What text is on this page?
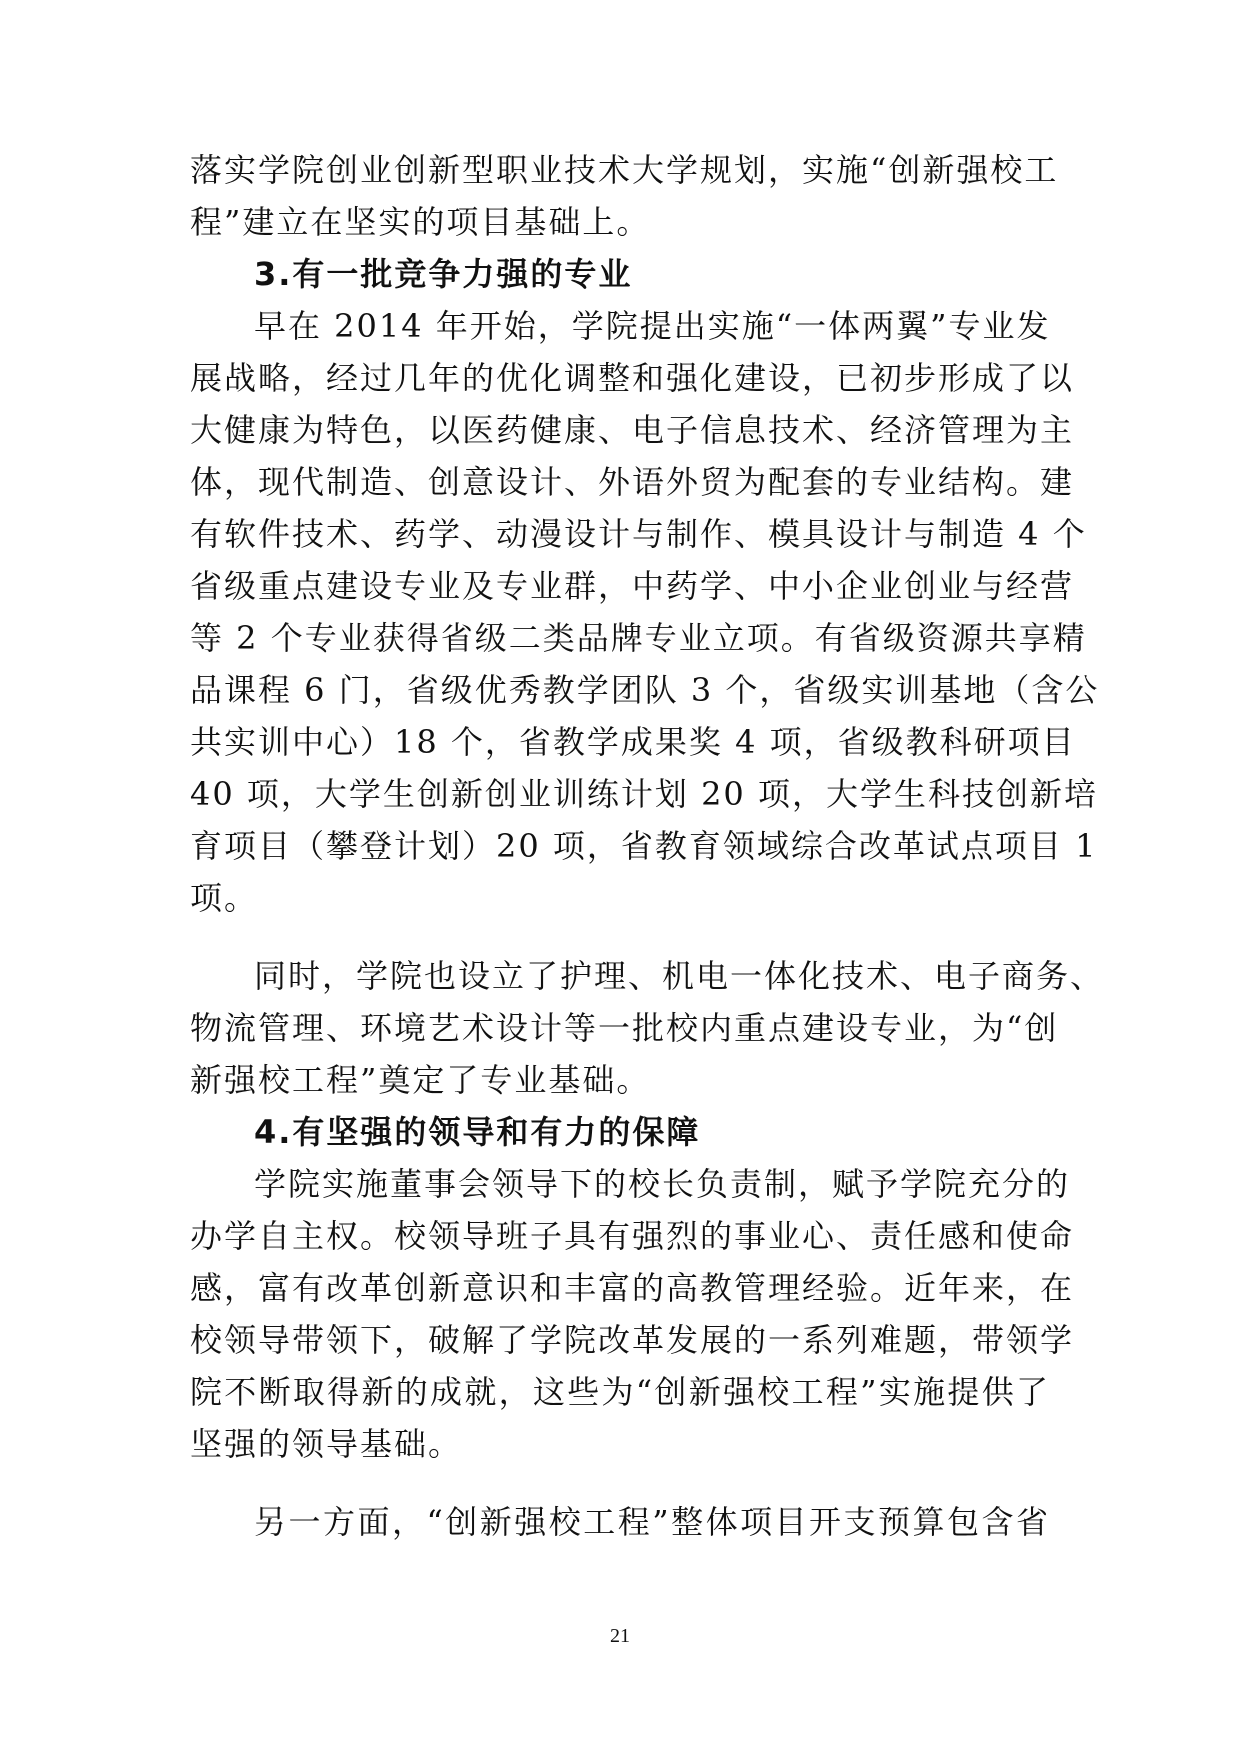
落实学院创业创新型职业技术大学规划，实施“创新强校工
程”建立在坚实的项目基础上。
3.有一批竞争力强的专业
早在 2014 年开始，学院提出实施“一体两翼”专业发
展战略，经过几年的优化调整和强化建设，已初步形成了以
大健康为特色，以医药健康、电子信息技术、经济管理为主
体，现代制造、创意设计、外语外贸为配套的专业结构。建
有软件技术、药学、动漫设计与制作、模具设计与制造 4 个
省级重点建设专业及专业群，中药学、中小企业创业与经营
等 2 个专业获得省级二类品牌专业立项。有省级资源共享精
品课程 6 门，省级优秀教学团队 3 个，省级实训基地（含公
共实训中心）18 个，省教学成果奖 4 项，省级教科研项目
40 项，大学生创新创业训练计划 20 项，大学生科技创新培
育项目（攀登计划）20 项，省教育领域综合改革试点项目 1
项。
同时，学院也设立了护理、机电一体化技术、电子商务、
物流管理、环境艺术设计等一批校内重点建设专业，为“创
新强校工程”奠定了专业基础。
4.有坚强的领导和有力的保障
学院实施董事会领导下的校长负责制，赋予学院充分的
办学自主权。校领导班子具有强烈的事业心、责任感和使命
感，富有改革创新意识和丰富的高教管理经验。近年来，在
校领导带领下，破解了学院改革发展的一系列难题，带领学
院不断取得新的成就，这些为“创新强校工程”实施提供了
坚强的领导基础。
另一方面，“创新强校工程”整体项目开支预算包含省
21
